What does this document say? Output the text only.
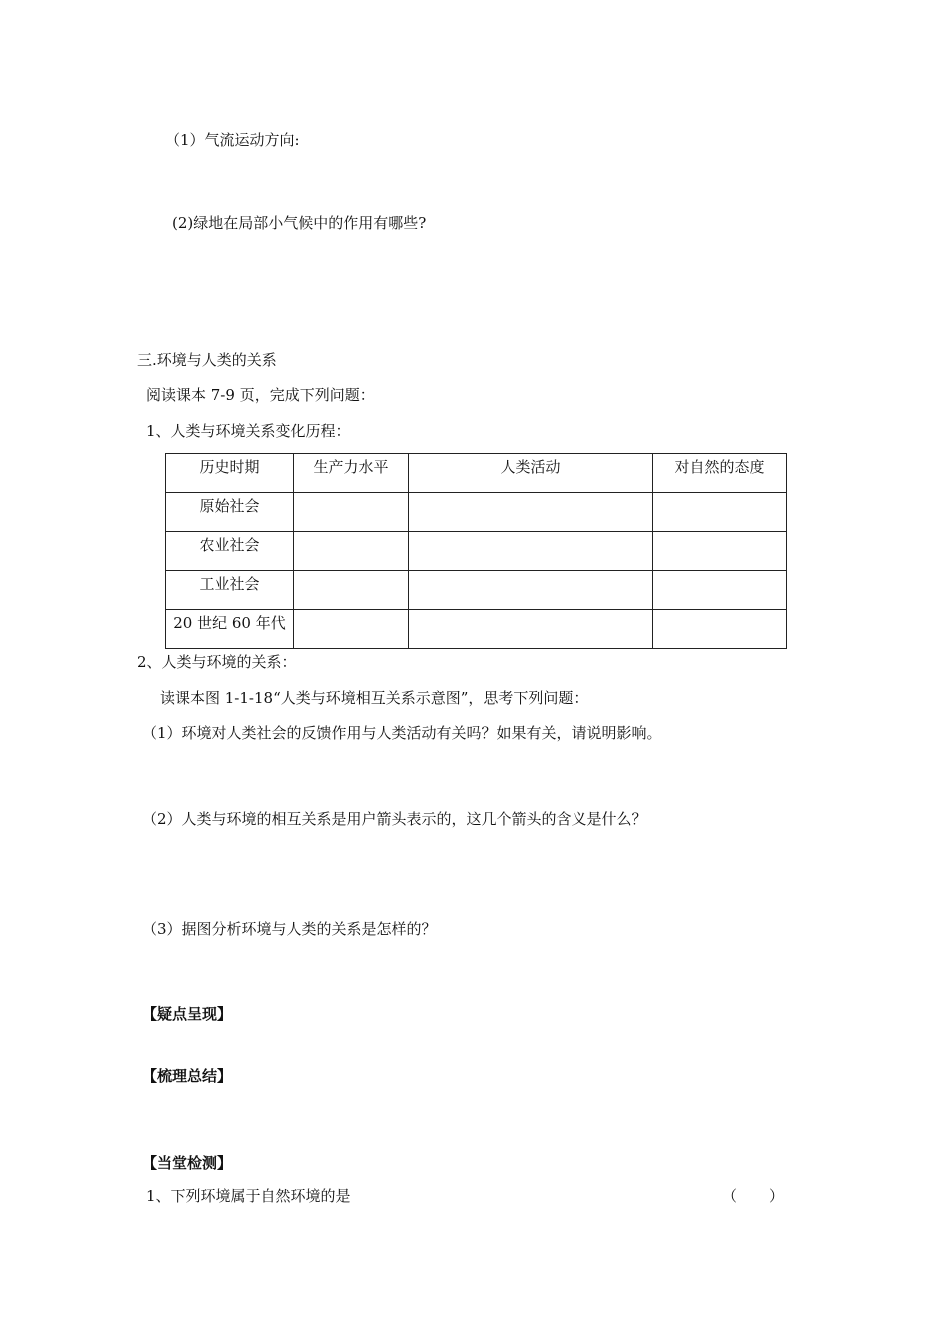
（1）气流运动方向:
(2)绿地在局部小气候中的作用有哪些?
三.环境与人类的关系
阅读课本 7-9 页，完成下列问题：
1、人类与环境关系变化历程：
历史时期	生产力水平	人类活动	对自然的态度
原始社会			
农业社会			
工业社会			
20 世纪 60 年代			
2、人类与环境的关系：
读课本图 1-1-18“人类与环境相互关系示意图”，思考下列问题：
（1）环境对人类社会的反馈作用与人类活动有关吗？如果有关，请说明影响。
（2）人类与环境的相互关系是用户箭头表示的，这几个箭头的含义是什么？
（3）据图分析环境与人类的关系是怎样的？
【疑点呈现】
【梳理总结】
【当堂检测】
1、下列环境属于自然环境的是	（ ）
